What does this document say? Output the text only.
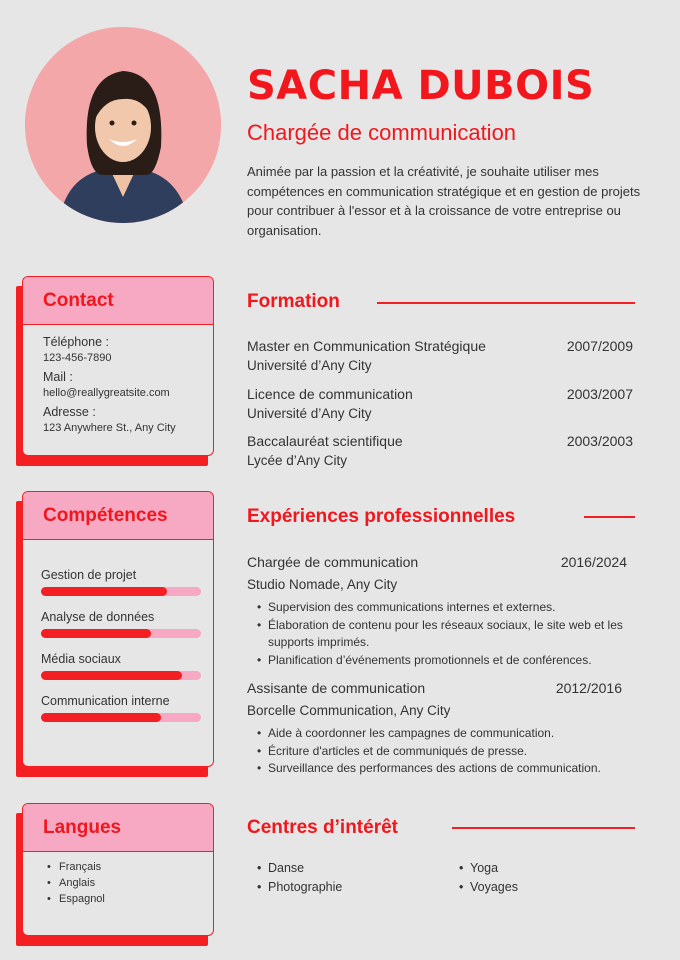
SACHA DUBOIS
Chargée de communication
Animée par la passion et la créativité, je souhaite utiliser mes compétences en communication stratégique et en gestion de projets pour contribuer à l'essor et à la croissance de votre entreprise ou organisation.
Contact
Téléphone :
123-456-7890
Mail :
hello@reallygreatsite.com
Adresse :
123 Anywhere St., Any City
Compétences
Gestion de projet
Analyse de données
Média sociaux
Communication interne
Langues
• Français
• Anglais
• Espagnol
Formation
Master en Communication Stratégique	2007/2009
Université d’Any City
Licence de communication	2003/2007
Université d’Any City
Baccalauréat scientifique	2003/2003
Lycée d’Any City
Expériences professionnelles
Chargée de communication	2016/2024
Studio Nomade, Any City
• Supervision des communications internes et externes.
• Élaboration de contenu pour les réseaux sociaux, le site web et les supports imprimés.
• Planification d’événements promotionnels et de conférences.
Assisante de communication	2012/2016
Borcelle Communication, Any City
• Aide à coordonner les campagnes de communication.
• Écriture d'articles et de communiqués de presse.
• Surveillance des performances des actions de communication.
Centres d’intérêt
• Danse
• Photographie
• Yoga
• Voyages
